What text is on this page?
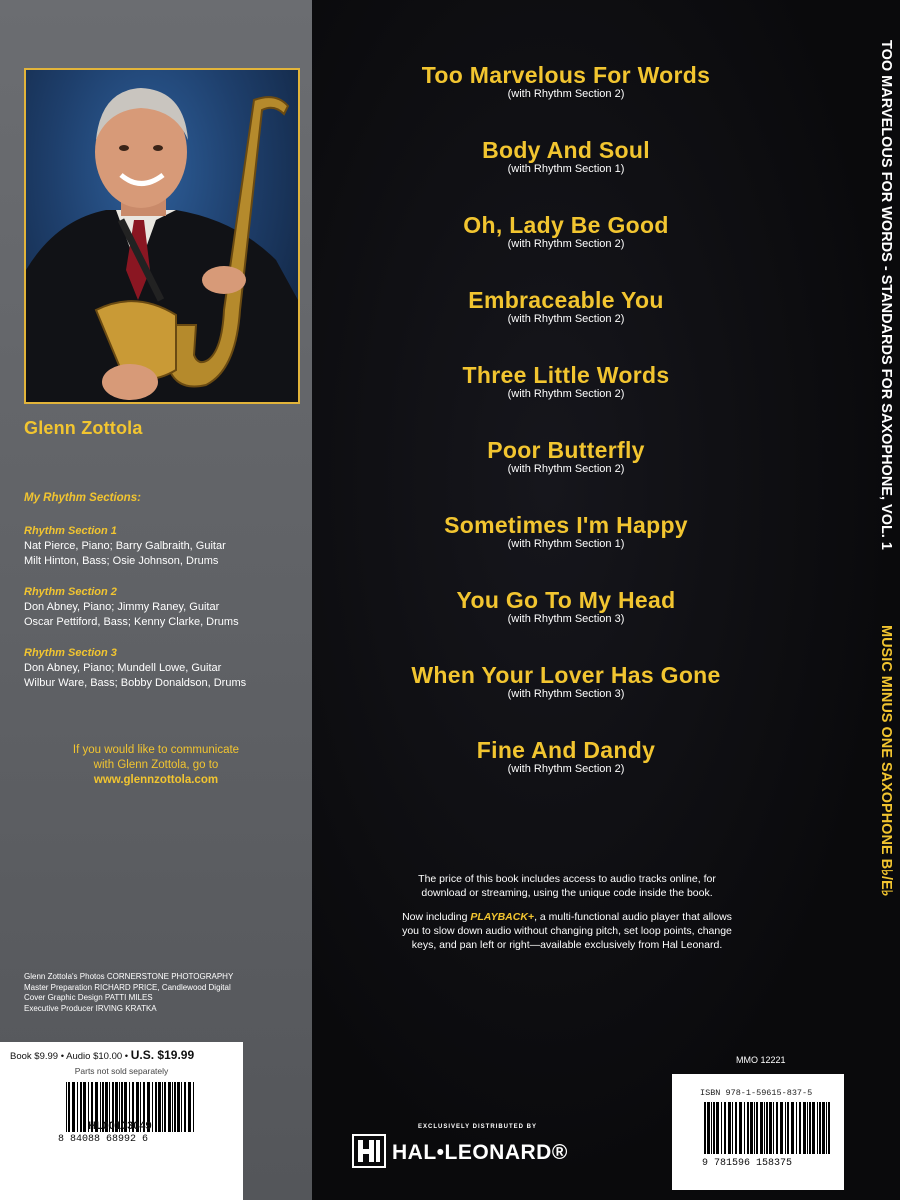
Glenn Zottola
My Rhythm Sections:
Rhythm Section 1
Nat Pierce, Piano; Barry Galbraith, Guitar
Milt Hinton, Bass; Osie Johnson, Drums
Rhythm Section 2
Don Abney, Piano; Jimmy Raney, Guitar
Oscar Pettiford, Bass; Kenny Clarke, Drums
Rhythm Section 3
Don Abney, Piano; Mundell Lowe, Guitar
Wilbur Ware, Bass; Bobby Donaldson, Drums
If you would like to communicate
with Glenn Zottola, go to
www.glennzottola.com
Glenn Zottola's Photos CORNERSTONE PHOTOGRAPHY
Master Preparation RICHARD PRICE, Candlewood Digital
Cover Graphic Design PATTI MILES
Executive Producer IRVING KRATKA
Book $9.99 • Audio $10.00 • U.S. $19.99
Parts not sold separately
8 84088 68992 6
HL00103049
Too Marvelous For Words
(with Rhythm Section 2)
Body And Soul
(with Rhythm Section 1)
Oh, Lady Be Good
(with Rhythm Section 2)
Embraceable You
(with Rhythm Section 2)
Three Little Words
(with Rhythm Section 2)
Poor Butterfly
(with Rhythm Section 2)
Sometimes I'm Happy
(with Rhythm Section 1)
You Go To My Head
(with Rhythm Section 3)
When Your Lover Has Gone
(with Rhythm Section 3)
Fine And Dandy
(with Rhythm Section 2)

The price of this book includes access to audio tracks online, for download or streaming, using the unique code inside the book.

Now including PLAYBACK+, a multi-functional audio player that allows you to slow down audio without changing pitch, set loop points, change keys, and pan left or right—available exclusively from Hal Leonard.

TOO MARVELOUS FOR WORDS - STANDARDS FOR SAXOPHONE, VOL. 1
MUSIC MINUS ONE SAXOPHONE B♭/E♭
MMO 12221
ISBN 978-1-59615-837-5
9 781596 158375
EXCLUSIVELY DISTRIBUTED BY
HAL•LEONARD®
